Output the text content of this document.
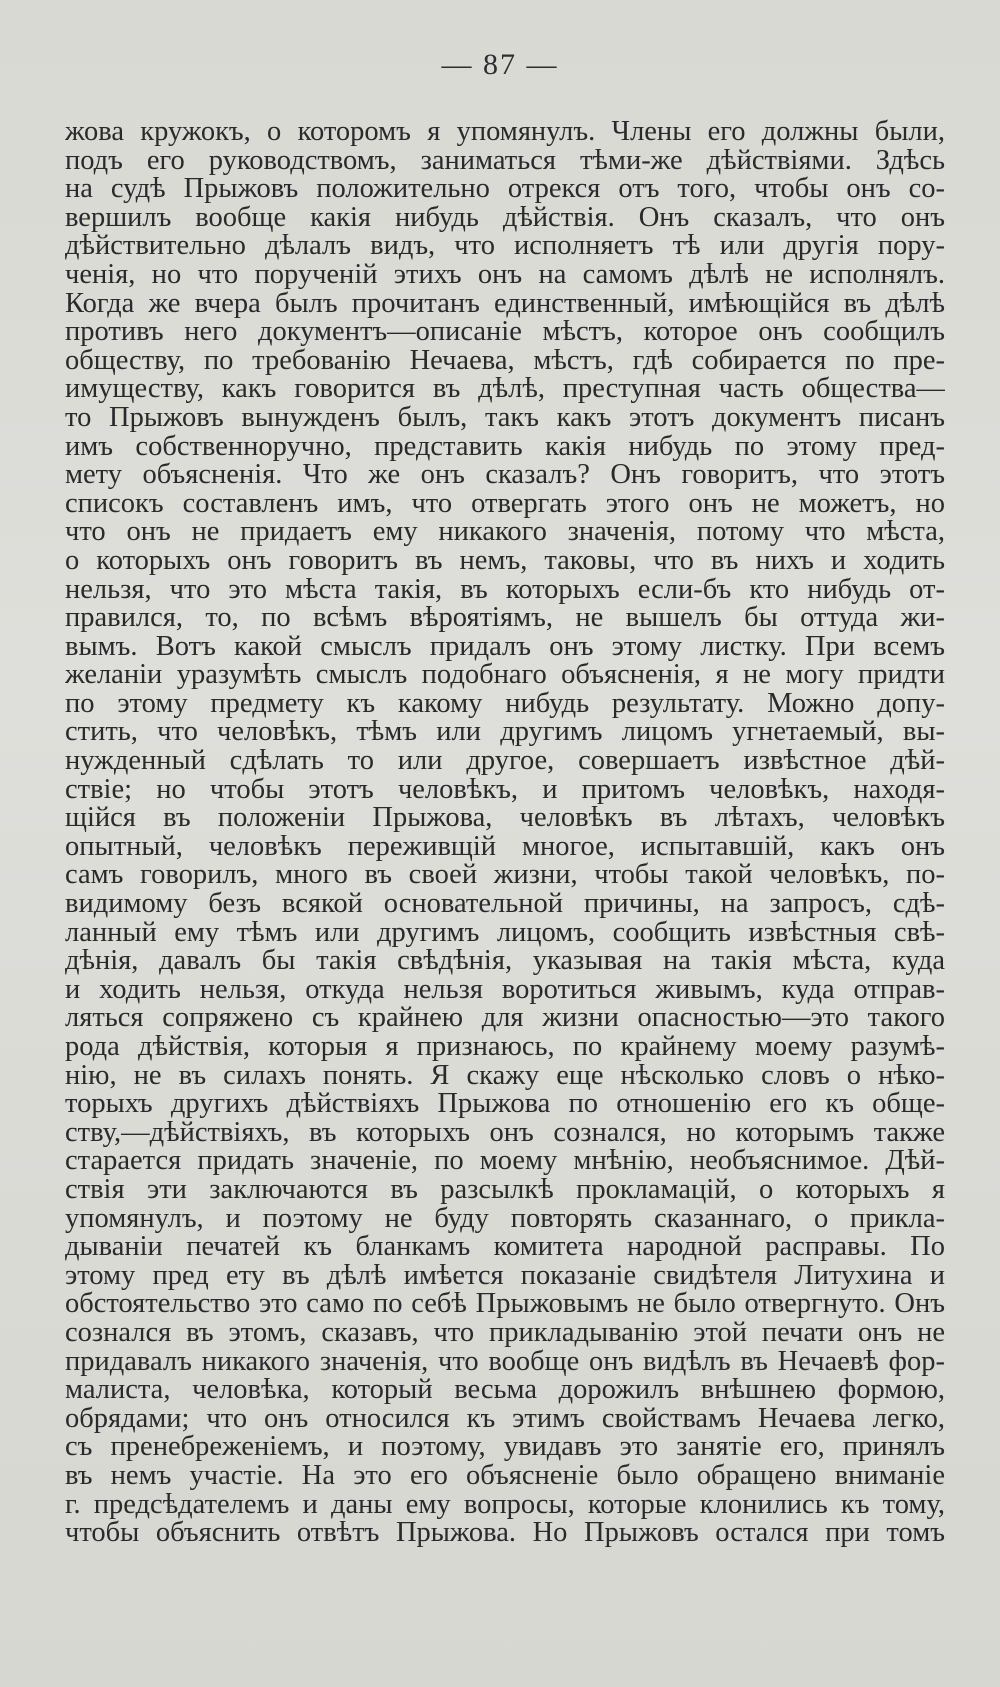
— 87 —
жова кружокъ, о которомъ я упомянулъ. Члены его должны были,
подъ его руководствомъ, заниматься тѣми-же дѣйствіями. Здѣсь
на судѣ Прыжовъ положительно отрекся отъ того, чтобы онъ со-
вершилъ вообще какія нибудь дѣйствія. Онъ сказалъ, что онъ
дѣйствительно дѣлалъ видъ, что исполняетъ тѣ или другія пору-
ченія, но что порученій этихъ онъ на самомъ дѣлѣ не исполнялъ.
Когда же вчера былъ прочитанъ единственный, имѣющійся въ дѣлѣ
противъ него документъ—описаніе мѣстъ, которое онъ сообщилъ
обществу, по требованію Нечаева, мѣстъ, гдѣ собирается по пре-
имуществу, какъ говорится въ дѣлѣ, преступная часть общества—
то Прыжовъ вынужденъ былъ, такъ какъ этотъ документъ писанъ
имъ собственноручно, представить какія нибудь по этому пред-
мету объясненія. Что же онъ сказалъ? Онъ говоритъ, что этотъ
списокъ составленъ имъ, что отвергать этого онъ не можетъ, но
что онъ не придаетъ ему никакого значенія, потому что мѣста,
о которыхъ онъ говоритъ въ немъ, таковы, что въ нихъ и ходить
нельзя, что это мѣста такія, въ которыхъ если-бъ кто нибудь от-
правился, то, по всѣмъ вѣроятіямъ, не вышелъ бы оттуда жи-
вымъ. Вотъ какой смыслъ придалъ онъ этому листку. При всемъ
желаніи уразумѣть смыслъ подобнаго объясненія, я не могу придти
по этому предмету къ какому нибудь результату. Можно допу-
стить, что человѣкъ, тѣмъ или другимъ лицомъ угнетаемый, вы-
нужденный сдѣлать то или другое, совершаетъ извѣстное дѣй-
ствіе; но чтобы этотъ человѣкъ, и притомъ человѣкъ, находя-
щійся въ положеніи Прыжова, человѣкъ въ лѣтахъ, человѣкъ
опытный, человѣкъ переживщій многое, испытавшій, какъ онъ
самъ говорилъ, много въ своей жизни, чтобы такой человѣкъ, по-
видимому безъ всякой основательной причины, на запросъ, сдѣ-
ланный ему тѣмъ или другимъ лицомъ, сообщить извѣстныя свѣ-
дѣнія, давалъ бы такія свѣдѣнія, указывая на такія мѣста, куда
и ходить нельзя, откуда нельзя воротиться живымъ, куда отпрaв-
ляться сопряжено съ крайнею для жизни опасностью—это такого
рода дѣйствія, которыя я признаюсь, по крайнему моему разумѣ-
нію, не въ силахъ понять. Я скажу еще нѣсколько словъ о нѣко-
торыхъ другихъ дѣйствіяхъ Прыжова по отношенію его къ обще-
ству,—дѣйствіяхъ, въ которыхъ онъ сознался, но которымъ также
старается придать значеніе, по моему мнѣнію, необъяснимое. Дѣй-
ствія эти заключаются въ разсылкѣ прокламацій, о которыхъ я
упомянулъ, и поэтому не буду повторять сказаннаго, о прикла-
дываніи печатей къ бланкамъ комитета народной расправы. По
этому пред ету въ дѣлѣ имѣется показаніе свидѣтеля Литухина и
обстоятельство это само по себѣ Прыжовымъ не было отвергнуто. Онъ
сознался въ этомъ, сказавъ, что прикладыванію этой печати онъ не
придавалъ никакого значенія, что вообще онъ видѣлъ въ Нечаевѣ фор-
малиста, человѣка, который весьма дорожилъ внѣшнею формою,
обрядами; что онъ относился къ этимъ свойствамъ Нечаева легко,
съ пренебреженіемъ, и поэтому, увидавъ это занятіе его, принялъ
въ немъ участіе. На это его объясненіе было обращено вниманіе
г. предсѣдателемъ и даны ему вопросы, которые клонились къ тому,
чтобы объяснить отвѣтъ Прыжова. Но Прыжовъ остался при томъ
